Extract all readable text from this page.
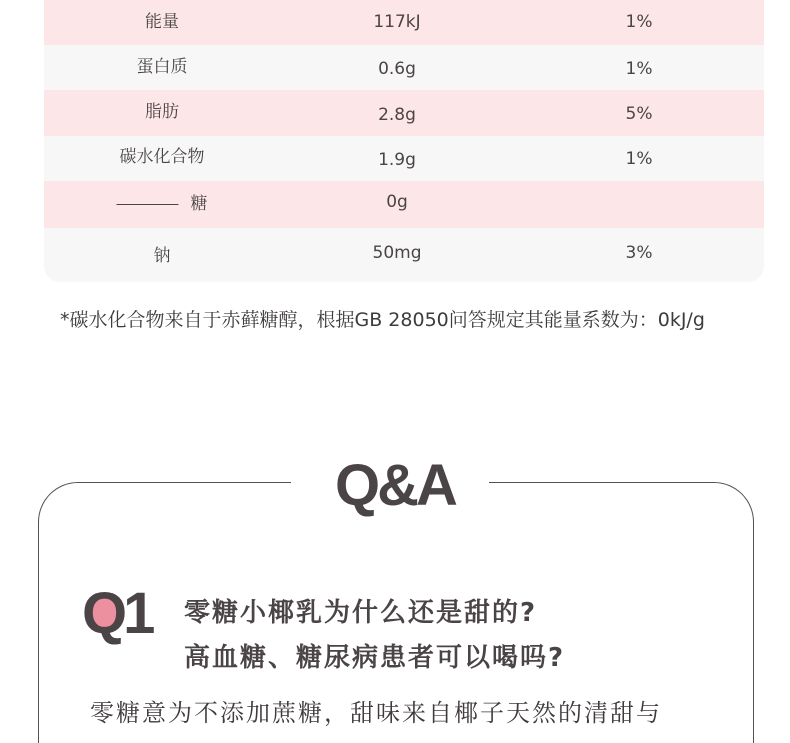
能量	117kJ	1%
蛋白质	0.6g	1%
脂肪	2.8g	5%
碳水化合物	1.9g	1%
糖	0g
钠	50mg	3%
*碳水化合物来自于赤藓糖醇，根据GB 28050问答规定其能量系数为：0kJ/g
Q&A
Q1 零糖小椰乳为什么还是甜的?
高血糖、糖尿病患者可以喝吗?
零糖意为不添加蔗糖，甜味来自椰子天然的清甜与
